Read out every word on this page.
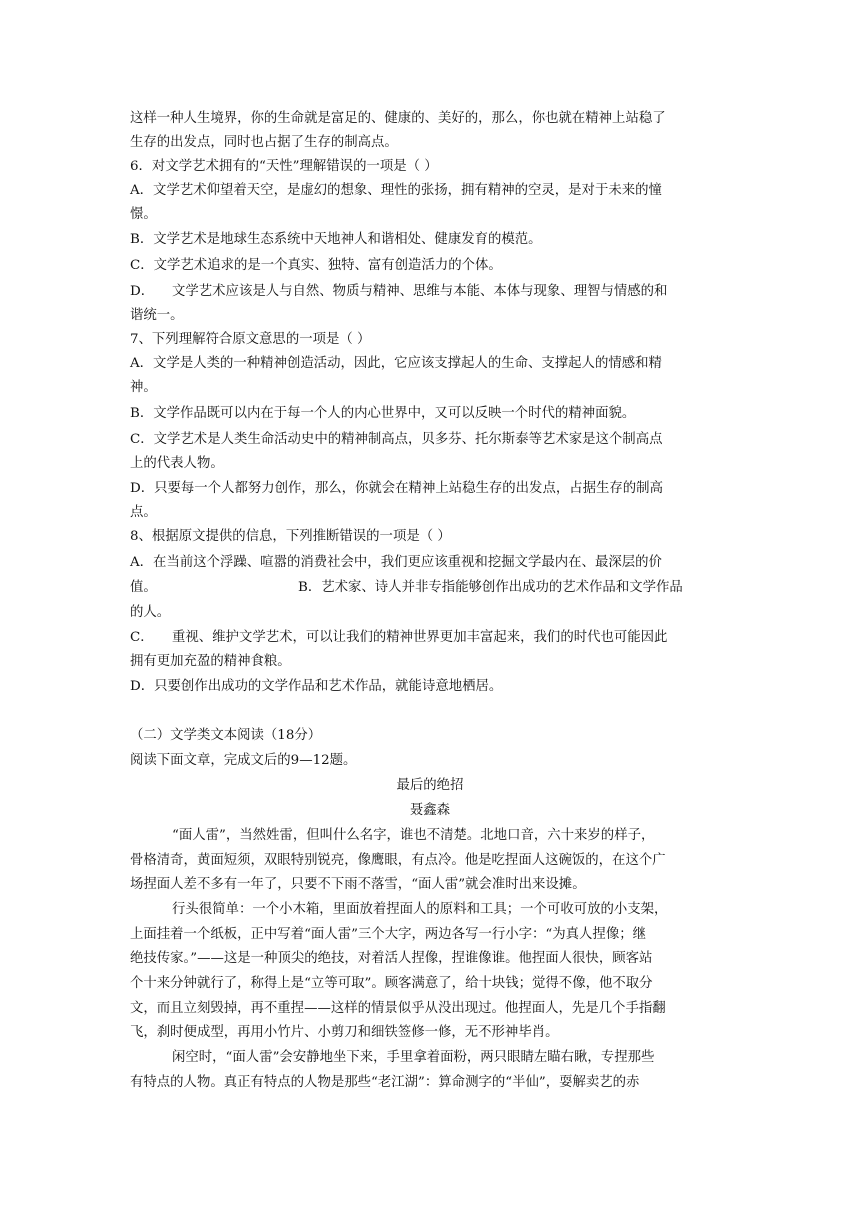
这样一种人生境界，你的生命就是富足的、健康的、美好的，那么，你也就在精神上站稳了
生存的出发点，同时也占据了生存的制高点。
6．对文学艺术拥有的“天性”理解错误的一项是（ ）
A．文学艺术仰望着天空，是虚幻的想象、理性的张扬，拥有精神的空灵，是对于未来的憧
憬。
B．文学艺术是地球生态系统中天地神人和谐相处、健康发育的模范。
C．文学艺术追求的是一个真实、独特、富有创造活力的个体。
D． 文学艺术应该是人与自然、物质与精神、思维与本能、本体与现象、理智与情感的和
谐统一。
7、下列理解符合原文意思的一项是（ ）
A．文学是人类的一种精神创造活动，因此，它应该支撑起人的生命、支撑起人的情感和精
神。
B．文学作品既可以内在于每一个人的内心世界中，又可以反映一个时代的精神面貌。
C．文学艺术是人类生命活动史中的精神制高点，贝多芬、托尔斯泰等艺术家是这个制高点
上的代表人物。
D．只要每一个人都努力创作，那么，你就会在精神上站稳生存的出发点，占据生存的制高
点。
8、根据原文提供的信息，下列推断错误的一项是（ ）
A．在当前这个浮躁、喧嚣的消费社会中，我们更应该重视和挖掘文学最内在、最深层的价
值。	B．艺术家、诗人并非专指能够创作出成功的艺术作品和文学作品
的人。
C． 重视、维护文学艺术，可以让我们的精神世界更加丰富起来，我们的时代也可能因此
拥有更加充盈的精神食粮。
D．只要创作出成功的文学作品和艺术作品，就能诗意地栖居。
（二）文学类文本阅读（18分）
阅读下面文章，完成文后的9—12题。
最后的绝招
聂鑫森
“面人雷”，当然姓雷，但叫什么名字，谁也不清楚。北地口音，六十来岁的样子，
骨格清奇，黄面短须，双眼特别锐亮，像鹰眼，有点冷。他是吃捏面人这碗饭的，在这个广
场捏面人差不多有一年了，只要不下雨不落雪，“面人雷”就会准时出来设摊。
行头很简单：一个小木箱，里面放着捏面人的原料和工具；一个可收可放的小支架，
上面挂着一个纸板，正中写着“面人雷”三个大字，两边各写一行小字：“为真人捏像；继
绝技传家。”——这是一种顶尖的绝技，对着活人捏像，捏谁像谁。他捏面人很快，顾客站
个十来分钟就行了，称得上是“立等可取”。顾客满意了，给十块钱；觉得不像，他不取分
文，而且立刻毁掉，再不重捏——这样的情景似乎从没出现过。他捏面人，先是几个手指翻
飞，刹时便成型，再用小竹片、小剪刀和细铁签修一修，无不形神毕肖。
闲空时，“面人雷”会安静地坐下来，手里拿着面粉，两只眼睛左瞄右瞅，专捏那些
有特点的人物。真正有特点的人物是那些“老江湖”：算命测字的“半仙”，耍解卖艺的赤
